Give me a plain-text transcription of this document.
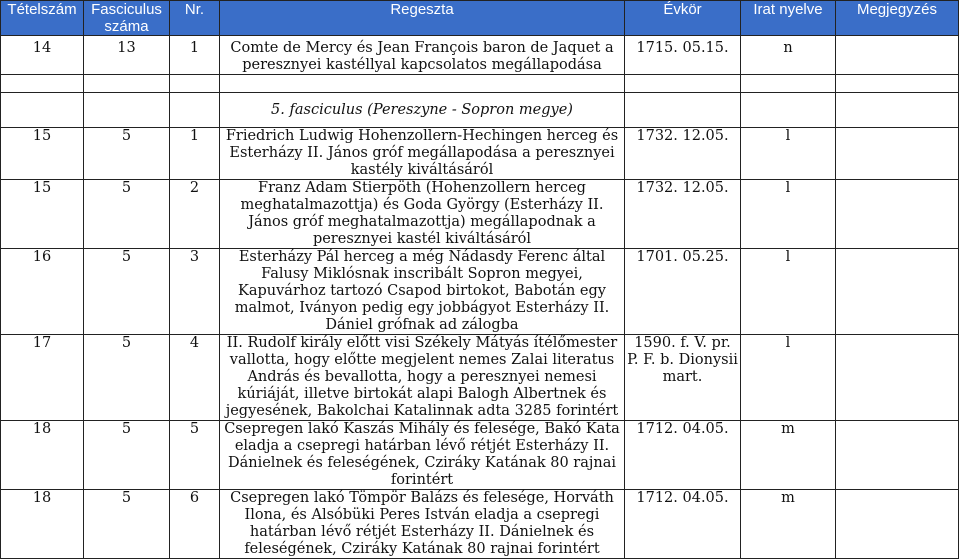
Tételszám	Fasciculus száma	Nr.	Regeszta	Évkör	Irat nyelve	Megjegyzés
14	13	1	Comte de Mercy és Jean François baron de Jaquet a peresznyei kastéllyal kapcsolatos megállapodása	1715. 05.15.	n	

			5. fasciculus (Pereszyne - Sopron megye)			
15	5	1	Friedrich Ludwig Hohenzollern-Hechingen herceg és Esterházy II. János gróf megállapodása a peresznyei kastély kiváltásáról	1732. 12.05.	l	
15	5	2	Franz Adam Stierpöth (Hohenzollern herceg meghatalmazottja) és Goda György (Esterházy II. János gróf meghatalmazottja) megállapodnak a peresznyei kastél kiváltásáról	1732. 12.05.	l	
16	5	3	Esterházy Pál herceg a még Nádasdy Ferenc által Falusy Miklósnak inscribált Sopron megyei, Kapuvárhoz tartozó Csapod birtokot, Babotán egy malmot, Iványon pedig egy jobbágyot Esterházy II. Dániel grófnak ad zálogba	1701. 05.25.	l	
17	5	4	II. Rudolf király előtt visi Székely Mátyás ítélőmester vallotta, hogy előtte megjelent nemes Zalai literatus András és bevallotta, hogy a peresznyei nemesi kúriáját, illetve birtokát alapi Balogh Albertnek és jegyesének, Bakolchai Katalinnak adta 3285 forintért	1590. f. V. pr. P. F. b. Dionysii mart.	l	
18	5	5	Csepregen lakó Kaszás Mihály és felesége, Bakó Kata eladja a csepregi határban lévő rétjét Esterházy II. Dánielnek és feleségének, Cziráky Katának 80 rajnai forintért	1712. 04.05.	m	
18	5	6	Csepregen lakó Tömpör Balázs és felesége, Horváth Ilona, és Alsóbüki Peres István eladja a csepregi határban lévő rétjét Esterházy II. Dánielnek és feleségének, Cziráky Katának 80 rajnai forintért	1712. 04.05.	m	
